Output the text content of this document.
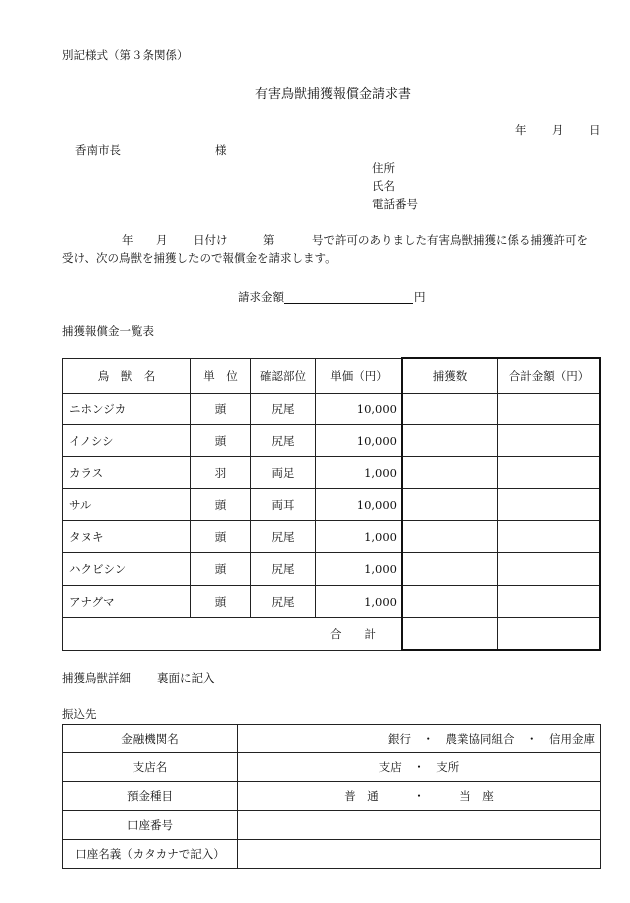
別記様式（第３条関係）
有害鳥獣捕獲報償金請求書
年 月 日
香南市長	様
住所
氏名
電話番号
年 月 日付け	第	号で許可のありました有害鳥獣捕獲に係る捕獲許可を
受け、次の鳥獣を捕獲したので報償金を請求します。
請求金額	円
捕獲報償金一覧表
鳥　獣　名	単　位	確認部位	単価（円）	捕獲数	合計金額（円）
ニホンジカ	頭	尻尾	10,000		
イノシシ	頭	尻尾	10,000		
カラス	羽	両足	1,000		
サル	頭	両耳	10,000		
タヌキ	頭	尻尾	1,000		
ハクビシン	頭	尻尾	1,000		
アナグマ	頭	尻尾	1,000		
合　　計					
捕獲鳥獣詳細 裏面に記入
振込先
金融機関名	銀行　・　農業協同組合　・　信用金庫
支店名	支店　・　支所
預金種目	普　通　　　・　　　当　座
口座番号	
口座名義（カタカナで記入）	
